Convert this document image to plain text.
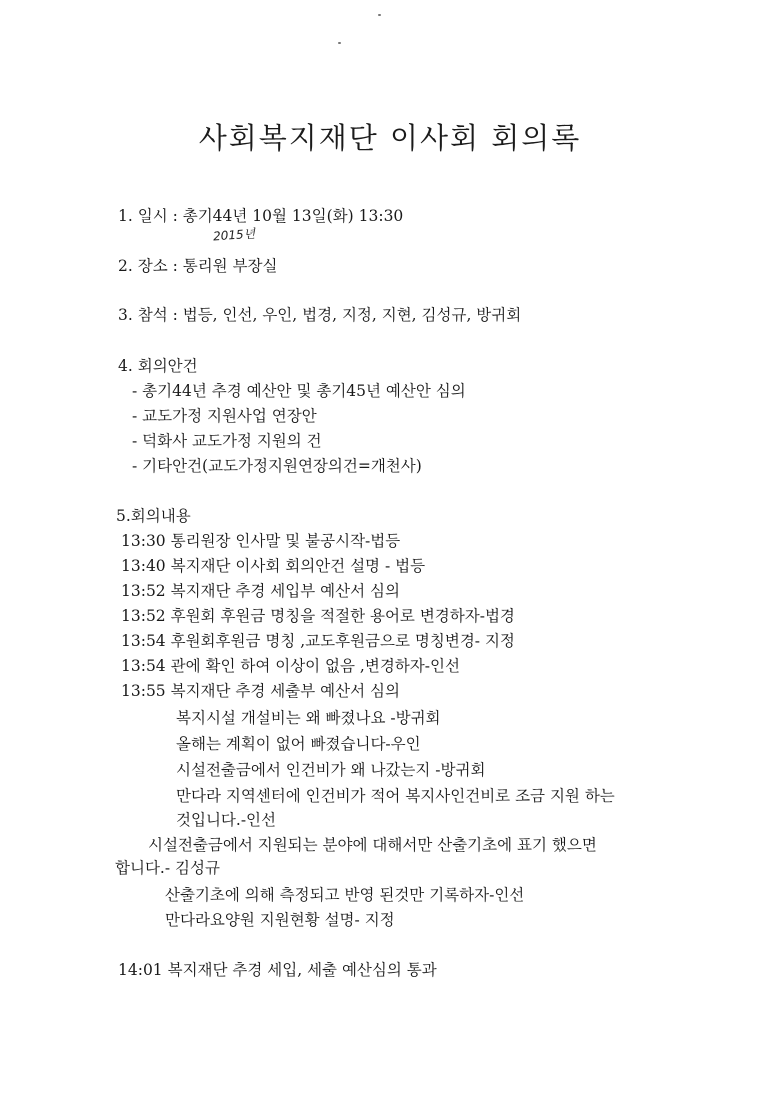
사회복지재단 이사회 회의록
1. 일시 : 총기44년 10월 13일(화) 13:30
2015년
2. 장소 : 통리원 부장실
3. 참석 : 법등, 인선, 우인, 법경, 지정, 지현, 김성규, 방귀회
4. 회의안건
- 총기44년 추경 예산안 및 총기45년 예산안 심의
- 교도가정 지원사업 연장안
- 덕화사 교도가정 지원의 건
- 기타안건(교도가정지원연장의건=개천사)
5.회의내용
13:30 통리원장 인사말 및 불공시작-법등
13:40 복지재단 이사회 회의안건 설명 - 법등
13:52 복지재단 추경 세입부 예산서 심의
13:52 후원회 후원금 명칭을 적절한 용어로 변경하자-법경
13:54 후원회후원금 명칭 ,교도후원금으로 명칭변경- 지정
13:54 관에 확인 하여 이상이 없음 ,변경하자-인선
13:55 복지재단 추경 세출부 예산서 심의
복지시설 개설비는 왜 빠졌나요 -방귀회
올해는 계획이 없어 빠졌습니다-우인
시설전출금에서 인건비가 왜 나갔는지 -방귀회
만다라 지역센터에 인건비가 적어 복지사인건비로 조금 지원 하는
것입니다.-인선
시설전출금에서 지원되는 분야에 대해서만 산출기초에 표기 했으면
합니다.- 김성규
산출기초에 의해 측정되고 반영 된것만 기록하자-인선
만다라요양원 지원현황 설명- 지정
14:01 복지재단 추경 세입, 세출 예산심의 통과
